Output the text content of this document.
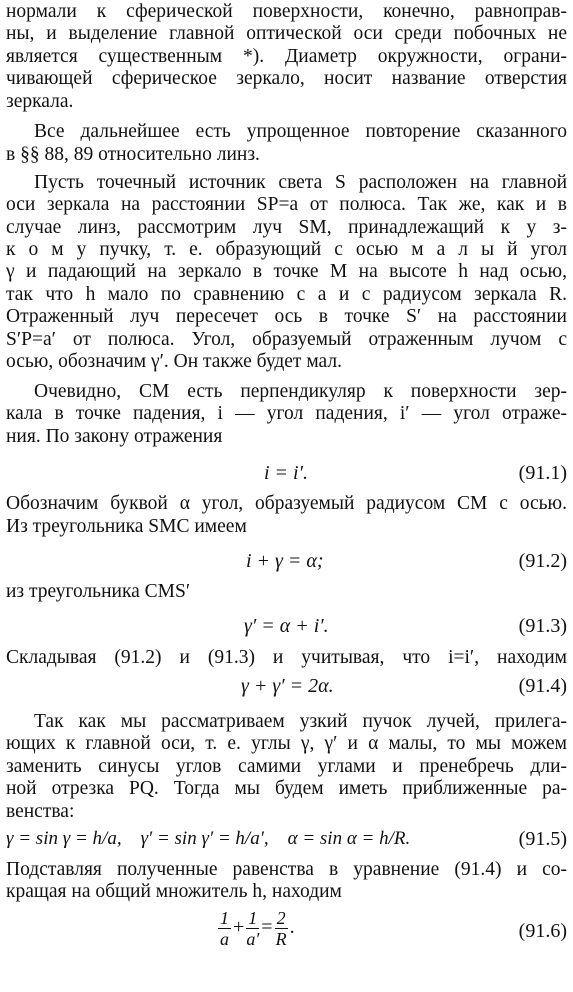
нормали к сферической поверхности, конечно, равноправ-
ны, и выделение главной оптической оси среди побочных не
является существенным *). Диаметр окружности, ограни-
чивающей сферическое зеркало, носит название отверстия
зеркала.
Все дальнейшее есть упрощенное повторение сказанного
в §§ 88, 89 относительно линз.
Пусть точечный источник света S расположен на главной
оси зеркала на расстоянии SP=a от полюса. Так же, как и в
случае линз, рассмотрим луч SM, принадлежащий к у з-
к о м у пучку, т. е. образующий с осью м а л ы й угол
γ и падающий на зеркало в точке M на высоте h над осью,
так что h мало по сравнению с a и с радиусом зеркала R.
Отраженный луч пересечет ось в точке S′ на расстоянии
S′P=a′ от полюса. Угол, образуемый отраженным лучом с
осью, обозначим γ′. Он также будет мал.
Очевидно, CM есть перпендикуляр к поверхности зер-
кала в точке падения, i — угол падения, i′ — угол отраже-
ния. По закону отражения
i = i′.	(91.1)
Обозначим буквой α угол, образуемый радиусом CM с осью.
Из треугольника SMC имеем
i + γ = α;	(91.2)
из треугольника CMS′
γ′ = α + i′.	(91.3)
Складывая (91.2) и (91.3) и учитывая, что i=i′, находим
γ + γ′ = 2α.	(91.4)
Так как мы рассматриваем узкий пучок лучей, прилега-
ющих к главной оси, т. е. углы γ, γ′ и α малы, то мы можем
заменить синусы углов самими углами и пренебречь дли-
ной отрезка PQ. Тогда мы будем иметь приближенные ра-
венства:
γ = sin γ = h/a,    γ′ = sin γ′ = h/a′,    α = sin α = h/R.	(91.5)
Подставляя полученные равенства в уравнение (91.4) и со-
кращая на общий множитель h, находим
$\frac{1}{a} + \frac{1}{a'} = \frac{2}{R}$ .	(91.6)
